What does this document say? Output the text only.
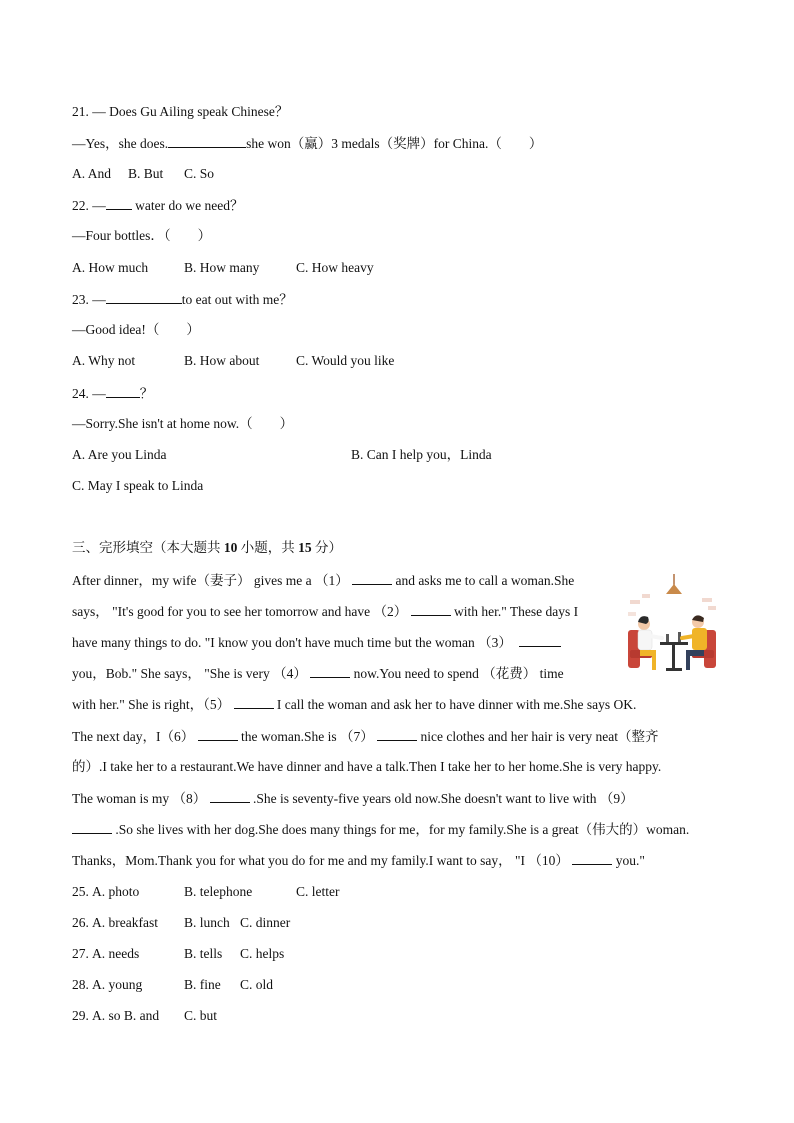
21. — Does Gu Ailing speak Chinese？
—Yes，she does.	she won（赢）3 medals（奖牌）for China.（　　）
A. And B. But C. So
22. — water do we need？
—Four bottles．（　　）
A. How much	B. How many	C. How heavy
23. —	to eat out with me？
—Good idea!（　　）
A. Why not	B. How about	C. Would you like
24. —	？
—Sorry.She isn't at home now.（　　）
A. Are you Linda	B. Can I help you，Linda
C. May I speak to Linda
三、完形填空（本大题共 10 小题，共 15 分）
After dinner，my wife（妻子） gives me a （1）	and asks me to call a woman.She
says， "It's good for you to see her tomorrow and have （2）	with her." These days I
have many things to do. "I know you don't have much time but the woman （3）
you，Bob." She says， "She is very （4）	now.You need to spend （花费） time
with her." She is right，（5）	I call the woman and ask her to have dinner with me.She says OK.
The next day，I（6）	the woman.She is （7）	nice clothes and her hair is very neat（整齐
的）.I take her to a restaurant.We have dinner and have a talk.Then I take her to her home.She is very happy.
The woman is my （8）	.She is seventy-five years old now.She doesn't want to live with （9）
.So she lives with her dog.She does many things for me，for my family.She is a great（伟大的）woman.
Thanks，Mom.Thank you for what you do for me and my family.I want to say， "I （10）	you."
25. A. photo	B. telephone	C. letter
26. A. breakfast B. lunch C. dinner
27. A. needs	B. tells C. helps
28. A. young	B. fine C. old
29. A. so B. and C. but
